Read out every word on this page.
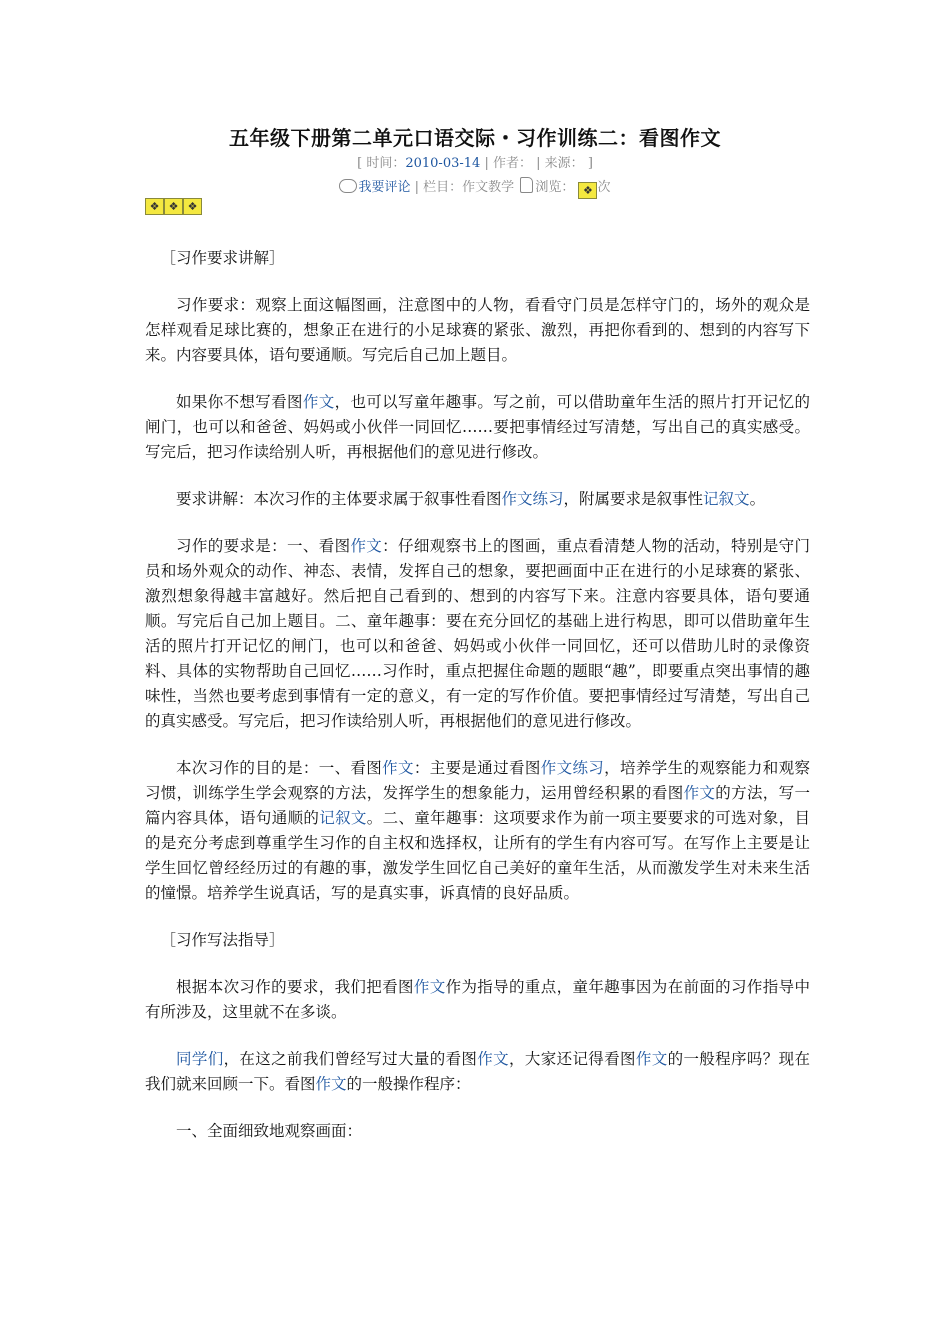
五年级下册第二单元口语交际・习作训练二：看图作文
[ 时间：2010-03-14 | 作者： | 来源： ]
我要评论 | 栏目：作文教学 浏览： ❖ 次
❖ ❖ ❖

［习作要求讲解］

习作要求：观察上面这幅图画，注意图中的人物，看看守门员是怎样守门的，场外的观众是怎样观看足球比赛的，想象正在进行的小足球赛的紧张、激烈，再把你看到的、想到的内容写下来。内容要具体，语句要通顺。写完后自己加上题目。

如果你不想写看图作文，也可以写童年趣事。写之前，可以借助童年生活的照片打开记忆的闸门，也可以和爸爸、妈妈或小伙伴一同回忆……要把事情经过写清楚，写出自己的真实感受。写完后，把习作读给别人听，再根据他们的意见进行修改。

要求讲解：本次习作的主体要求属于叙事性看图作文练习，附属要求是叙事性记叙文。

习作的要求是：一、看图作文：仔细观察书上的图画，重点看清楚人物的活动，特别是守门员和场外观众的动作、神态、表情，发挥自己的想象，要把画面中正在进行的小足球赛的紧张、激烈想象得越丰富越好。然后把自己看到的、想到的内容写下来。注意内容要具体，语句要通顺。写完后自己加上题目。二、童年趣事：要在充分回忆的基础上进行构思，即可以借助童年生活的照片打开记忆的闸门，也可以和爸爸、妈妈或小伙伴一同回忆，还可以借助儿时的录像资料、具体的实物帮助自己回忆……习作时，重点把握住命题的题眼“趣”，即要重点突出事情的趣味性，当然也要考虑到事情有一定的意义，有一定的写作价值。要把事情经过写清楚，写出自己的真实感受。写完后，把习作读给别人听，再根据他们的意见进行修改。

本次习作的目的是：一、看图作文：主要是通过看图作文练习，培养学生的观察能力和观察习惯，训练学生学会观察的方法，发挥学生的想象能力，运用曾经积累的看图作文的方法，写一篇内容具体，语句通顺的记叙文。二、童年趣事：这项要求作为前一项主要要求的可选对象，目的是充分考虑到尊重学生习作的自主权和选择权，让所有的学生有内容可写。在写作上主要是让学生回忆曾经经历过的有趣的事，激发学生回忆自己美好的童年生活，从而激发学生对未来生活的憧憬。培养学生说真话，写的是真实事，诉真情的良好品质。

［习作写法指导］

根据本次习作的要求，我们把看图作文作为指导的重点，童年趣事因为在前面的习作指导中有所涉及，这里就不在多谈。

同学们，在这之前我们曾经写过大量的看图作文，大家还记得看图作文的一般程序吗？现在我们就来回顾一下。看图作文的一般操作程序：

一、全面细致地观察画面：
